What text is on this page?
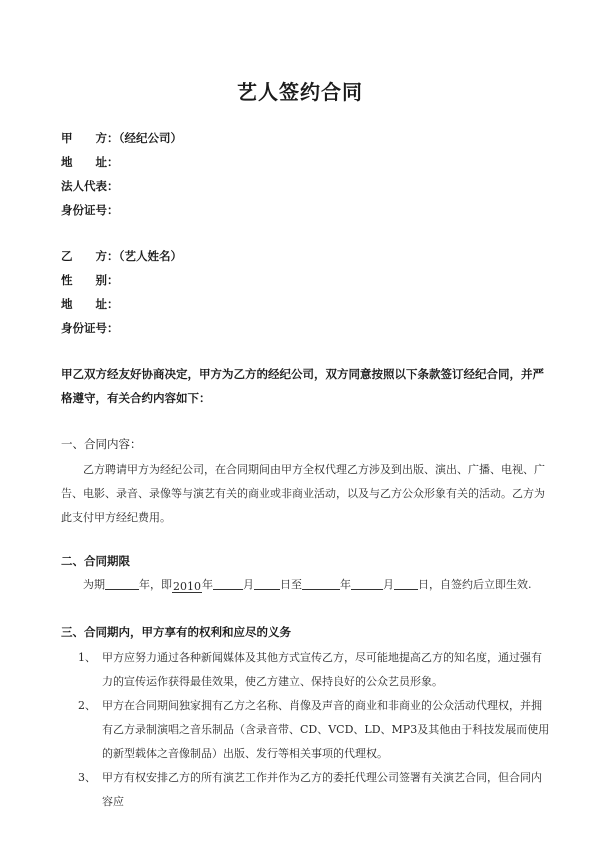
艺人签约合同
甲　　方：（经纪公司）
地　　址：
法人代表：
身份证号：
乙　　方：（艺人姓名）
性　　别：
地　　址：
身份证号：
甲乙双方经友好协商决定，甲方为乙方的经纪公司，双方同意按照以下条款签订经纪合同，并严格遵守，有关合约内容如下：
一、合同内容：
乙方聘请甲方为经纪公司，在合同期间由甲方全权代理乙方涉及到出版、演出、广播、电视、广告、电影、录音、录像等与演艺有关的商业或非商业活动，以及与乙方公众形象有关的活动。乙方为此支付甲方经纪费用。
二、合同期限
为期	年，即2010年	月 日至	年	月 日，自签约后立即生效.
三、合同期内，甲方享有的权利和应尽的义务
1、 甲方应努力通过各种新闻媒体及其他方式宣传乙方，尽可能地提高乙方的知名度，通过强有力的宣传运作获得最佳效果，使乙方建立、保持良好的公众艺员形象。
2、 甲方在合同期间独家拥有乙方之名称、肖像及声音的商业和非商业的公众活动代理权，并拥有乙方录制演唱之音乐制品（含录音带、CD、VCD、LD、MP3及其他由于科技发展而使用的新型载体之音像制品）出版、发行等相关事项的代理权。
3、 甲方有权安排乙方的所有演艺工作并作为乙方的委托代理公司签署有关演艺合同，但合同内容应
